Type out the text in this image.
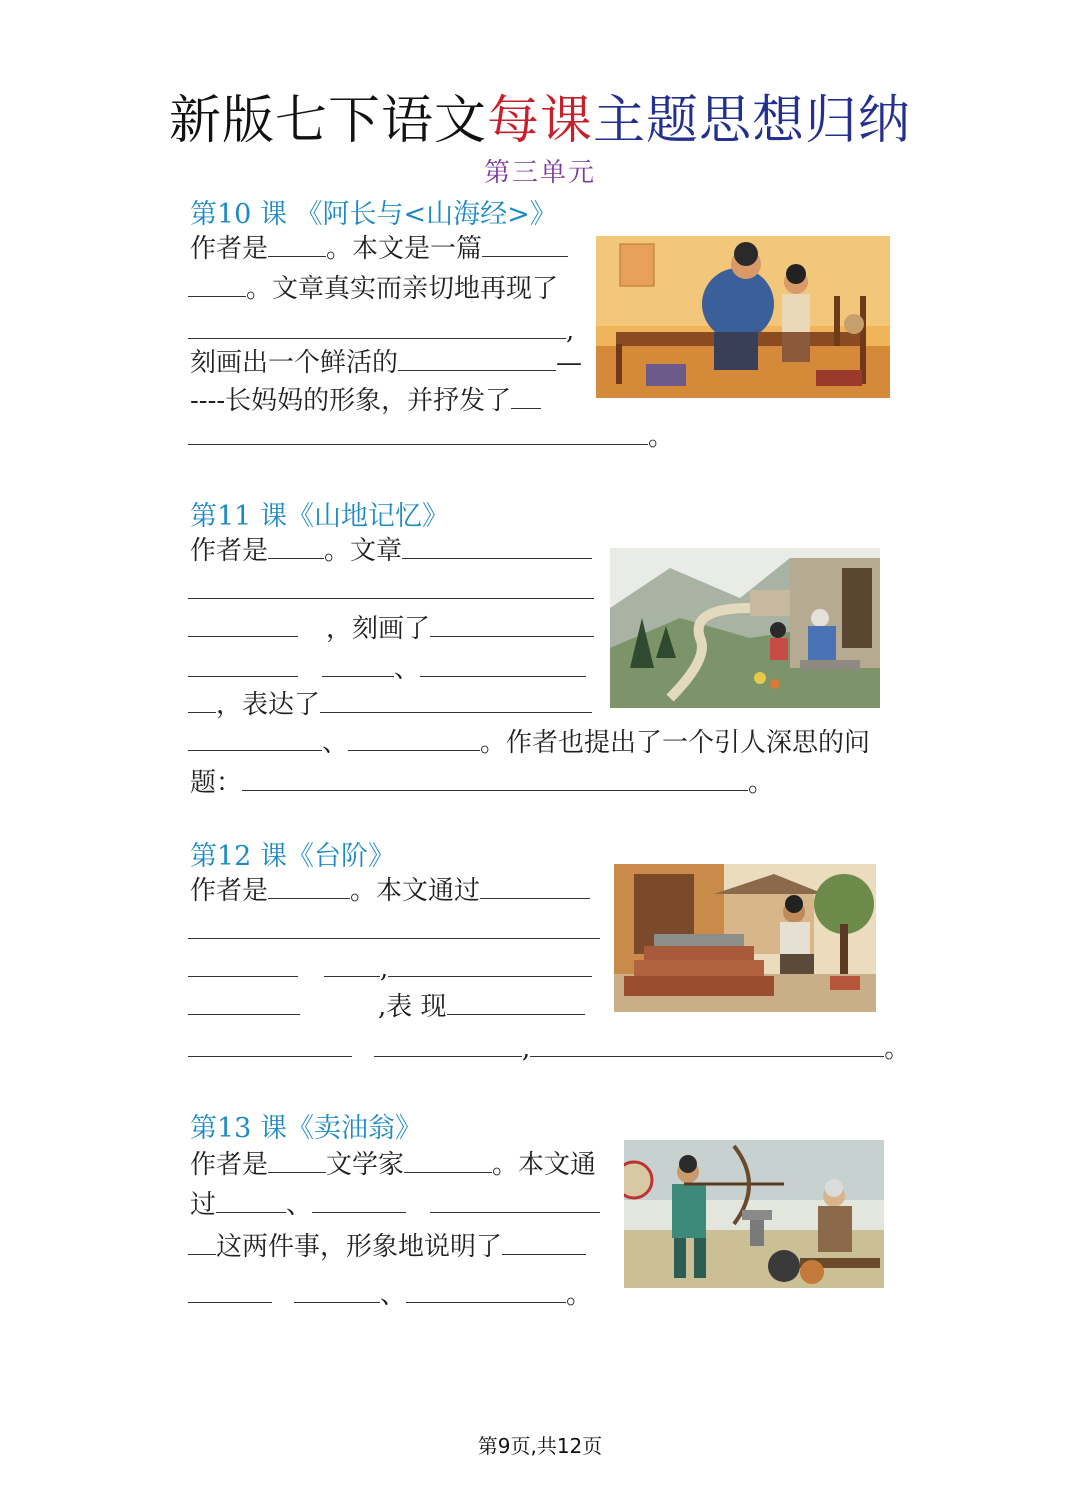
新版七下语文每课主题思想归纳
第三单元
第10 课 《阿长与<山海经>》
作者是 。本文是一篇
。文章真实而亲切地再现了
,
刻画出一个鲜活的	—
----长妈妈的形象，并抒发了
。
第11 课《山地记忆》
作者是 。文章
，刻画了
、
，表达了
、	。作者也提出了一个引人深思的问
题：	。
第12 课《台阶》
作者是	。本文通过
,
,表 现
,	。
第13 课《卖油翁》
作者是 文学家	。本文通
过	、
这两件事，形象地说明了
、	。
第9页,共12页
